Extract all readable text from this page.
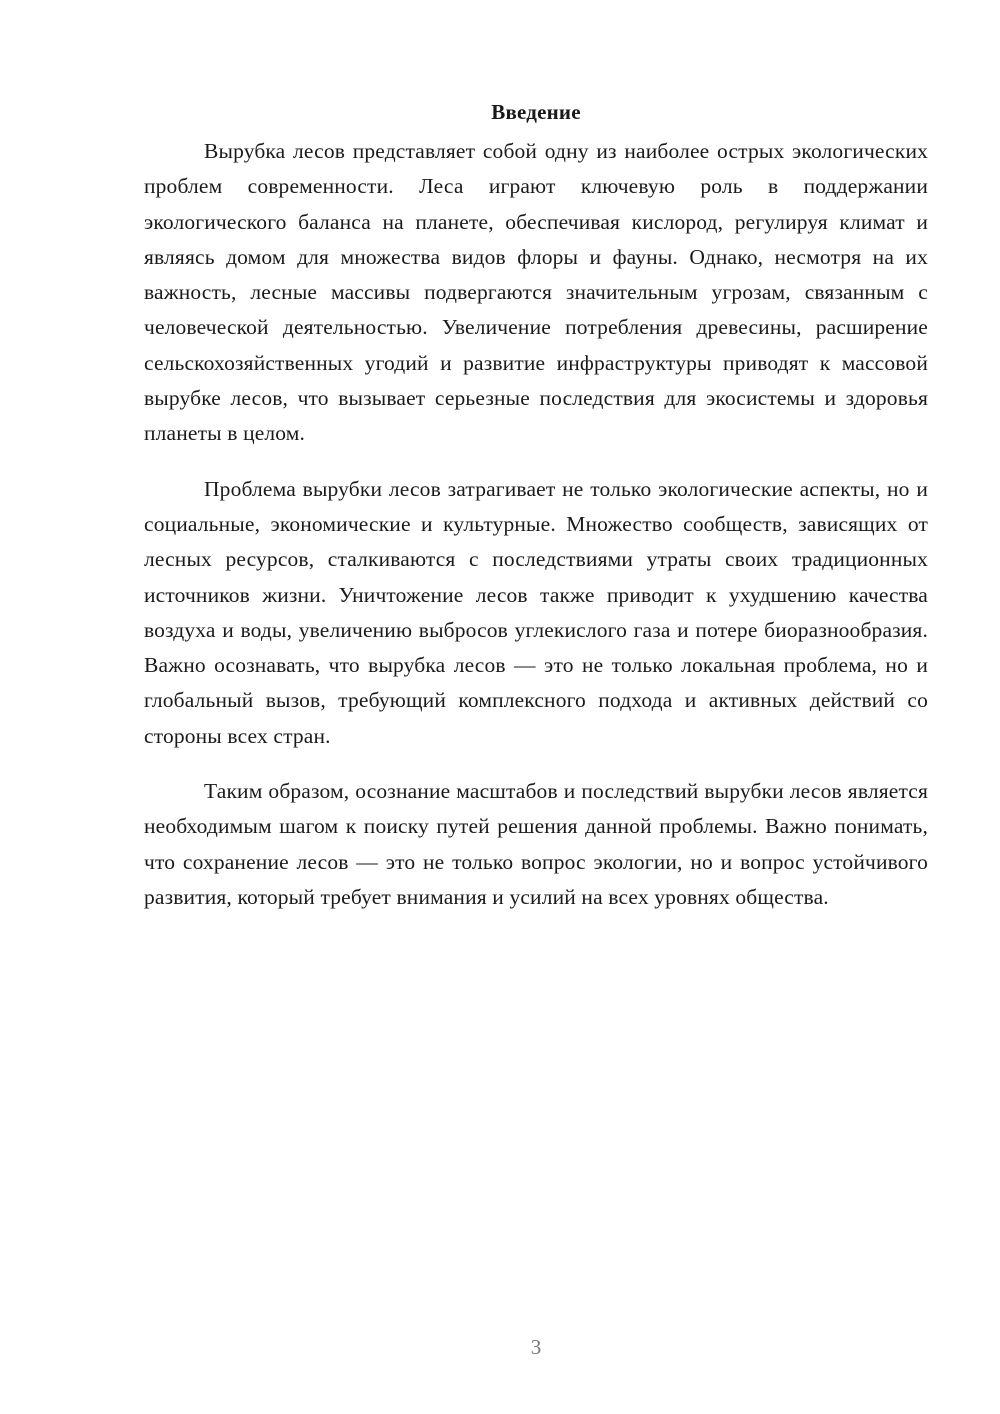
Введение

Вырубка лесов представляет собой одну из наиболее острых экологических проблем современности. Леса играют ключевую роль в поддержании экологического баланса на планете, обеспечивая кислород, регулируя климат и являясь домом для множества видов флоры и фауны. Однако, несмотря на их важность, лесные массивы подвергаются значительным угрозам, связанным с человеческой деятельностью. Увеличение потребления древесины, расширение сельскохозяйственных угодий и развитие инфраструктуры приводят к массовой вырубке лесов, что вызывает серьезные последствия для экосистемы и здоровья планеты в целом.

Проблема вырубки лесов затрагивает не только экологические аспекты, но и социальные, экономические и культурные. Множество сообществ, зависящих от лесных ресурсов, сталкиваются с последствиями утраты своих традиционных источников жизни. Уничтожение лесов также приводит к ухудшению качества воздуха и воды, увеличению выбросов углекислого газа и потере биоразнообразия. Важно осознавать, что вырубка лесов — это не только локальная проблема, но и глобальный вызов, требующий комплексного подхода и активных действий со стороны всех стран.

Таким образом, осознание масштабов и последствий вырубки лесов является необходимым шагом к поиску путей решения данной проблемы. Важно понимать, что сохранение лесов — это не только вопрос экологии, но и вопрос устойчивого развития, который требует внимания и усилий на всех уровнях общества.

3
